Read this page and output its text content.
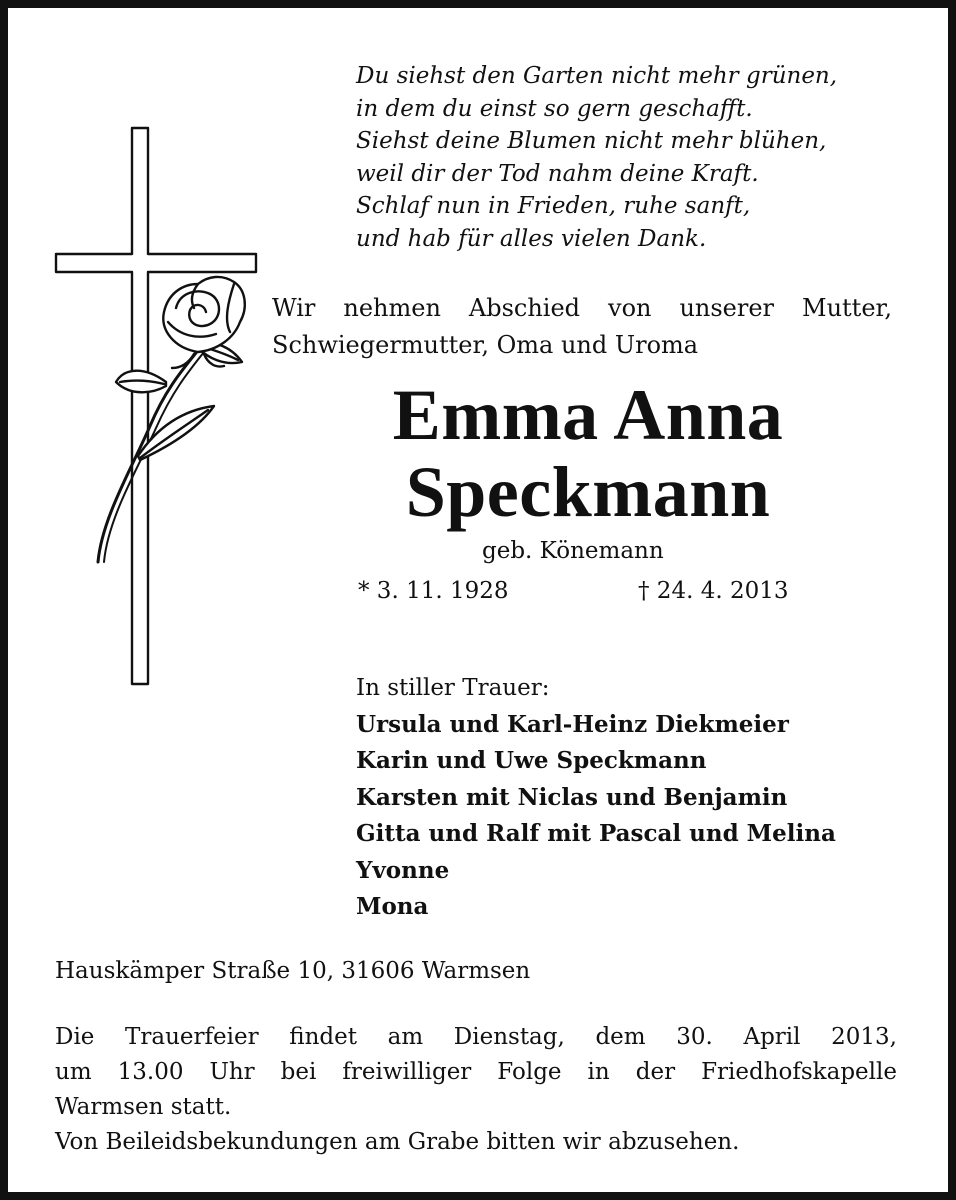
Du siehst den Garten nicht mehr grünen,
in dem du einst so gern geschafft.
Siehst deine Blumen nicht mehr blühen,
weil dir der Tod nahm deine Kraft.
Schlaf nun in Frieden, ruhe sanft,
und hab für alles vielen Dank.
Wir nehmen Abschied von unserer Mutter,
Schwiegermutter, Oma und Uroma
Emma Anna
Speckmann
geb. Könemann
* 3. 11. 1928	† 24. 4. 2013
In stiller Trauer:
Ursula und Karl-Heinz Diekmeier
Karin und Uwe Speckmann
Karsten mit Niclas und Benjamin
Gitta und Ralf mit Pascal und Melina
Yvonne
Mona
Hauskämper Straße 10, 31606 Warmsen
Die Trauerfeier findet am Dienstag, dem 30. April 2013,
um 13.00 Uhr bei freiwilliger Folge in der Friedhofskapelle
Warmsen statt.
Von Beileidsbekundungen am Grabe bitten wir abzusehen.
